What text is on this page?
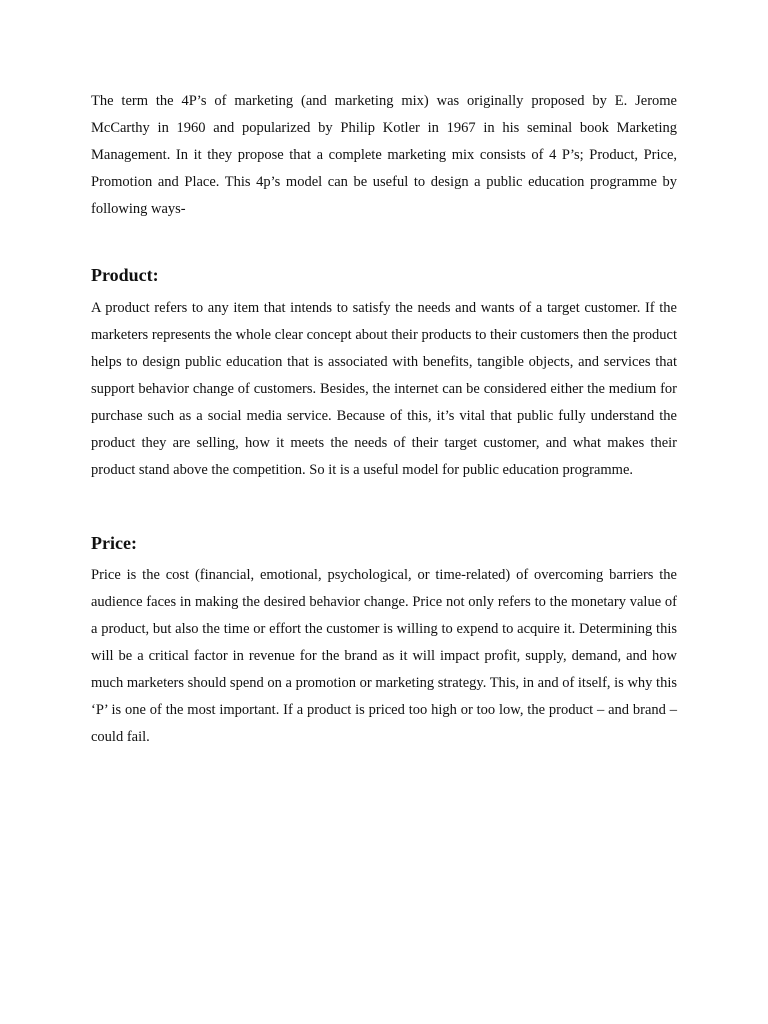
The term the 4P’s of marketing (and marketing mix) was originally proposed by E. Jerome McCarthy in 1960 and popularized by Philip Kotler in 1967 in his seminal book Marketing Management. In it they propose that a complete marketing mix consists of 4 P’s; Product, Price, Promotion and Place. This 4p’s model can be useful to design a public education programme by following ways-

Product:

A product refers to any item that intends to satisfy the needs and wants of a target customer. If the marketers represents the whole clear concept about their products to their customers then the product helps to design public education that is associated with benefits, tangible objects, and services that support behavior change of customers. Besides, the internet can be considered either the medium for purchase such as a social media service. Because of this, it’s vital that public fully understand the product they are selling, how it meets the needs of their target customer, and what makes their product stand above the competition. So it is a useful model for public education programme.

Price:

Price is the cost (financial, emotional, psychological, or time-related) of overcoming barriers the audience faces in making the desired behavior change. Price not only refers to the monetary value of a product, but also the time or effort the customer is willing to expend to acquire it. Determining this will be a critical factor in revenue for the brand as it will impact profit, supply, demand, and how much marketers should spend on a promotion or marketing strategy. This, in and of itself, is why this ‘P’ is one of the most important. If a product is priced too high or too low, the product – and brand – could fail.
